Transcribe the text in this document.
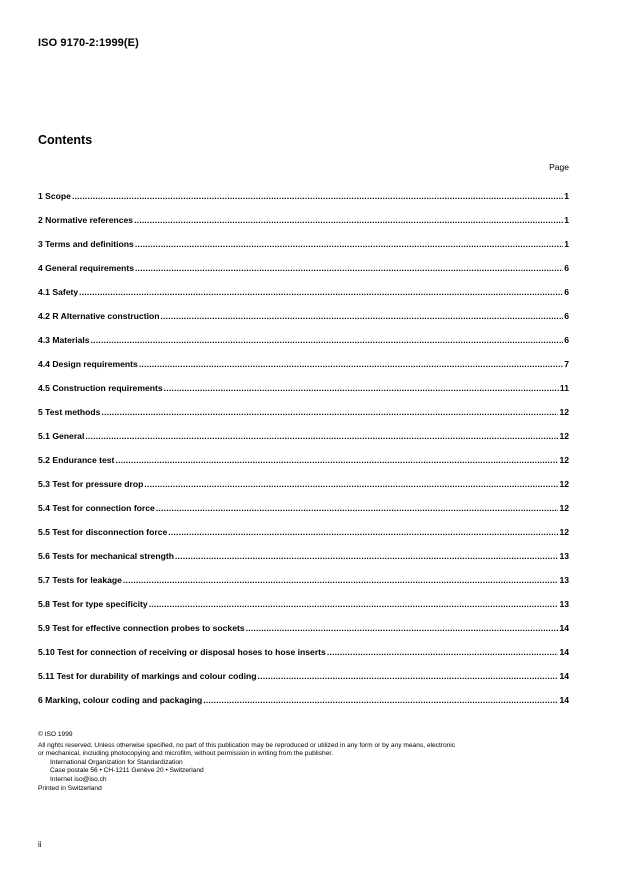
ISO 9170-2:1999(E)
Contents
Page
1 Scope .....	1
2 Normative references .....	1
3 Terms and definitions .....	1
4 General requirements .....	6
4.1 Safety .....	6
4.2 R Alternative construction .....	6
4.3 Materials .....	6
4.4 Design requirements .....	7
4.5 Construction requirements .....	11
5 Test methods .....	12
5.1 General .....	12
5.2 Endurance test .....	12
5.3 Test for pressure drop .....	12
5.4 Test for connection force .....	12
5.5 Test for disconnection force .....	12
5.6 Tests for mechanical strength .....	13
5.7 Tests for leakage .....	13
5.8 Test for type specificity .....	13
5.9 Test for effective connection probes to sockets .....	14
5.10 Test for connection of receiving or disposal hoses to hose inserts .....	14
5.11 Test for durability of markings and colour coding .....	14
6 Marking, colour coding and packaging .....	14
© ISO 1999
All rights reserved. Unless otherwise specified, no part of this publication may be reproduced or utilized in any form or by any means, electronic
or mechanical, including photocopying and microfilm, without permission in writing from the publisher.
International Organization for Standardization
Case postale 56 • CH-1211 Genève 20 • Switzerland
Internet iso@iso.ch
Printed in Switzerland
ii
